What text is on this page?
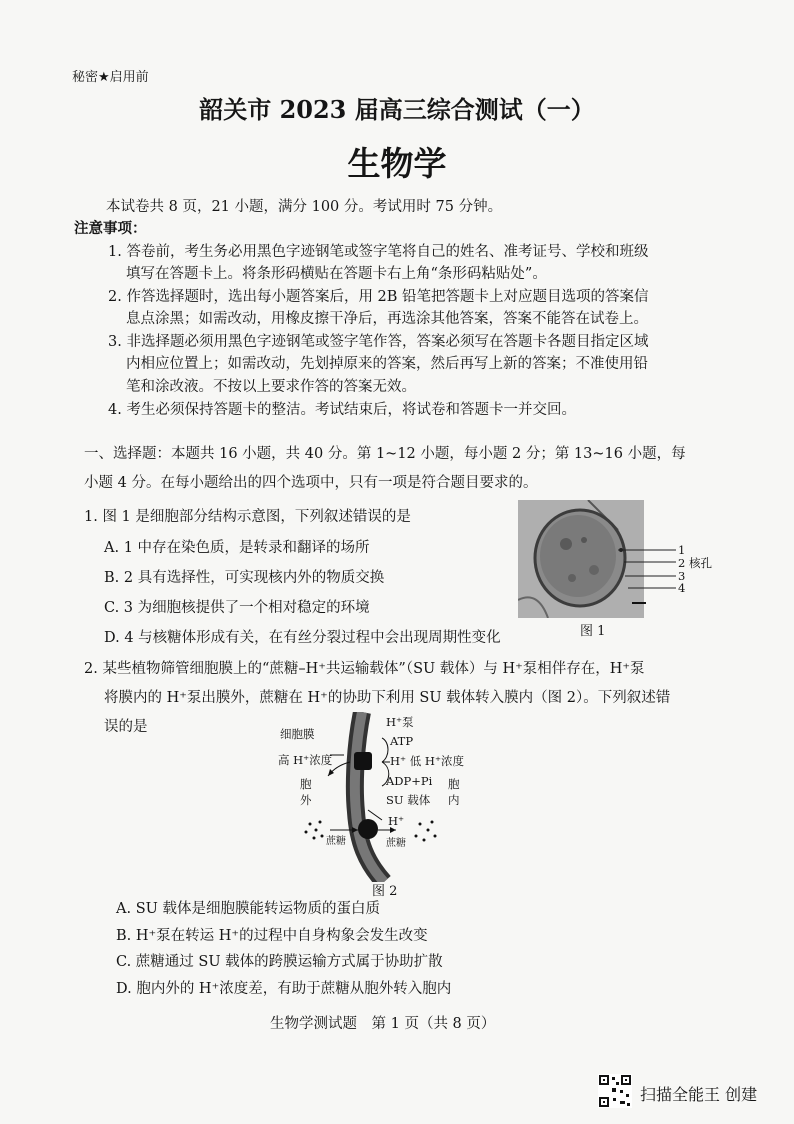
秘密★启用前
韶关市 2023 届高三综合测试（一）
生物学
本试卷共 8 页，21 小题，满分 100 分。考试用时 75 分钟。
注意事项：
1. 答卷前，考生务必用黑色字迹钢笔或签字笔将自己的姓名、准考证号、学校和班级
填写在答题卡上。将条形码横贴在答题卡右上角“条形码粘贴处”。
2. 作答选择题时，选出每小题答案后，用 2B 铅笔把答题卡上对应题目选项的答案信
息点涂黑；如需改动，用橡皮擦干净后，再选涂其他答案，答案不能答在试卷上。
3. 非选择题必须用黑色字迹钢笔或签字笔作答，答案必须写在答题卡各题目指定区域
内相应位置上；如需改动，先划掉原来的答案，然后再写上新的答案；不准使用铅
笔和涂改液。不按以上要求作答的答案无效。
4. 考生必须保持答题卡的整洁。考试结束后，将试卷和答题卡一并交回。
一、选择题：本题共 16 小题，共 40 分。第 1~12 小题，每小题 2 分；第 13~16 小题，每
小题 4 分。在每小题给出的四个选项中，只有一项是符合题目要求的。
1. 图 1 是细胞部分结构示意图，下列叙述错误的是
A. 1 中存在染色质，是转录和翻译的场所
B. 2 具有选择性，可实现核内外的物质交换
C. 3 为细胞核提供了一个相对稳定的环境
D. 4 与核糖体形成有关，在有丝分裂过程中会出现周期性变化
1
2 核孔
3
4
图 1
2. 某些植物筛管细胞膜上的“蔗糖–H⁺共运输载体”（SU 载体）与 H⁺泵相伴存在，H⁺泵
将膜内的 H⁺泵出膜外，蔗糖在 H⁺的协助下利用 SU 载体转入膜内（图 2）。下列叙述错
误的是	细胞膜
H⁺泵
ATP
高 H⁺浓度	H⁺ 低 H⁺浓度
ADP+Pi
胞外
胞内
SU 载体
H⁺
蔗糖	蔗糖
图 2
A. SU 载体是细胞膜能转运物质的蛋白质
B. H⁺泵在转运 H⁺的过程中自身构象会发生改变
C. 蔗糖通过 SU 载体的跨膜运输方式属于协助扩散
D. 胞内外的 H⁺浓度差，有助于蔗糖从胞外转入胞内
生物学测试题　第 1 页（共 8 页）
扫描全能王 创建
